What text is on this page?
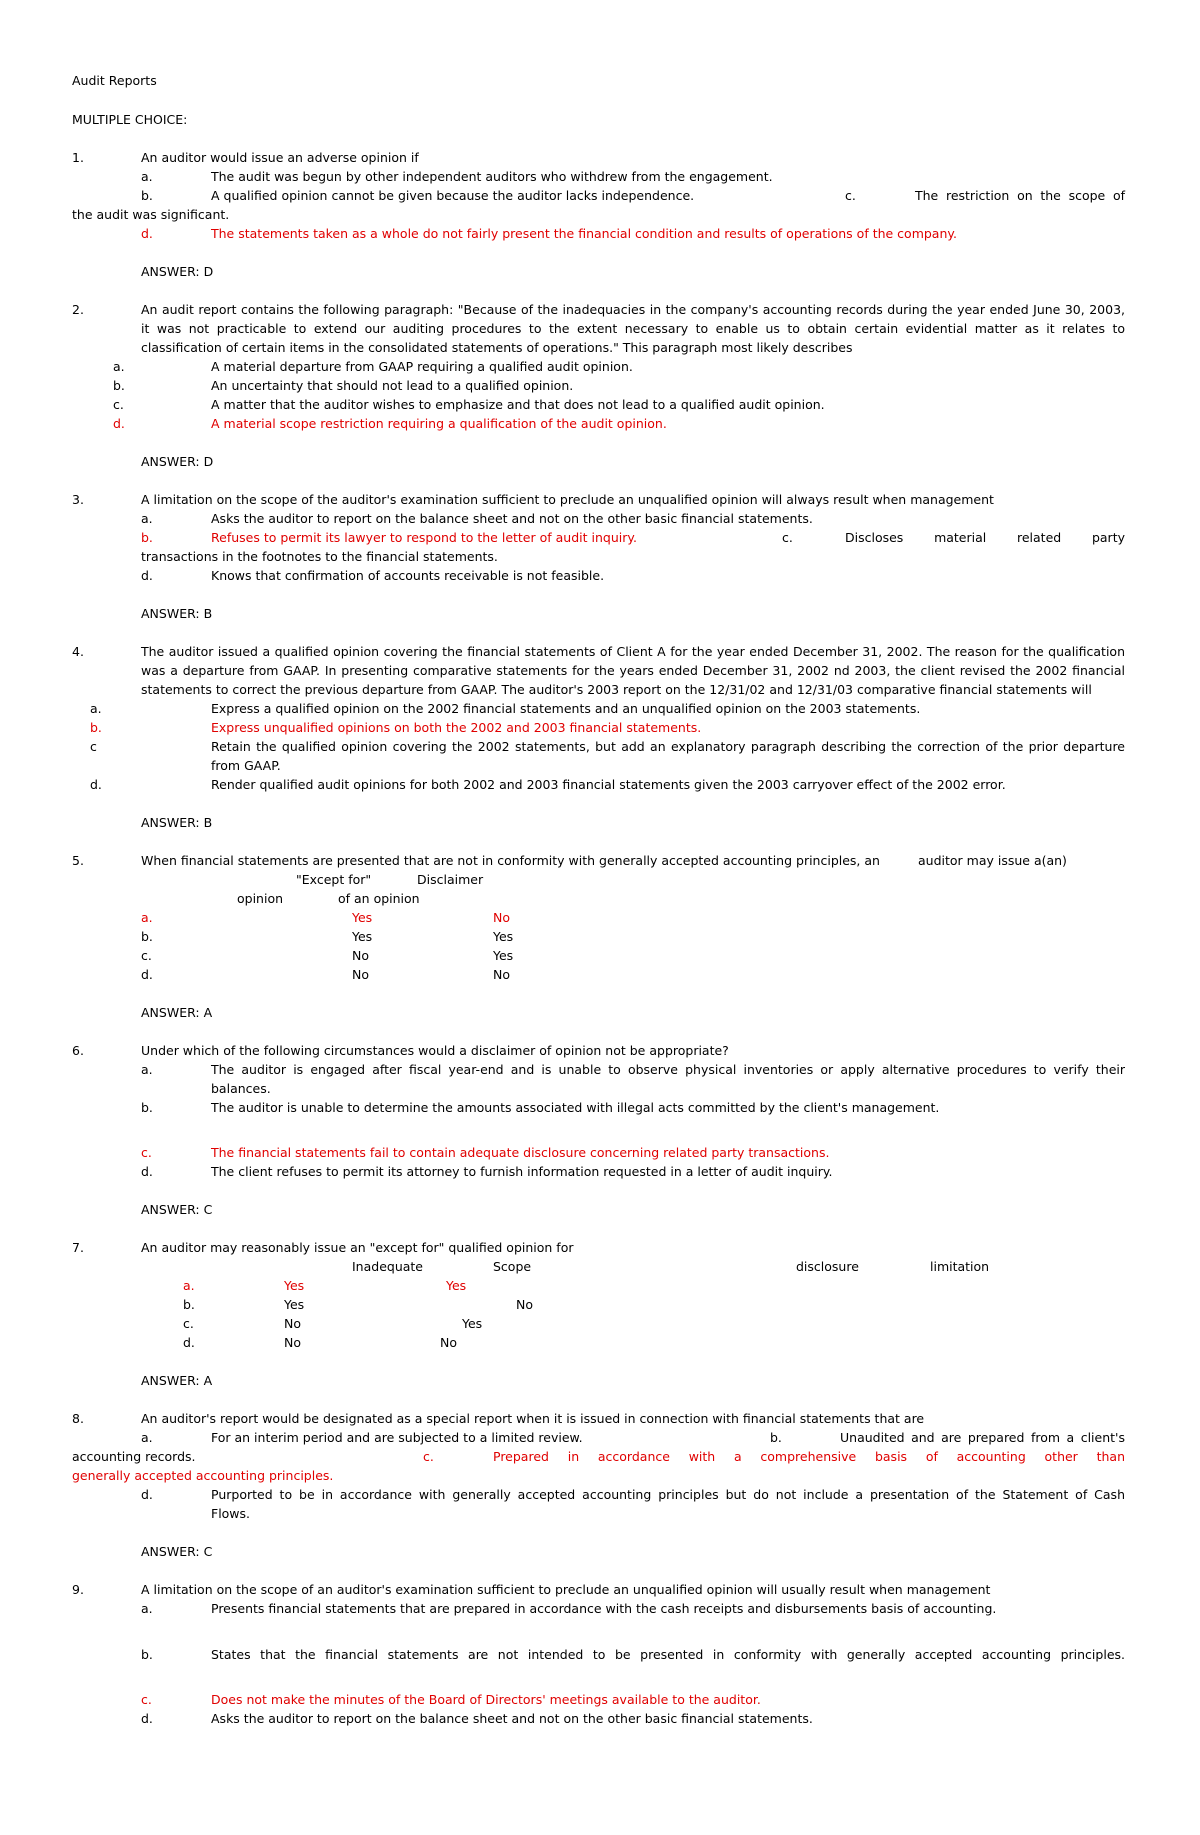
Audit Reports
MULTIPLE CHOICE:
1.	An auditor would issue an adverse opinion if
a.	The audit was begun by other independent auditors who withdrew from the engagement.
b.	A qualified opinion cannot be given because the auditor lacks independence.	c.	The restriction on the scope of
the audit was significant.
d.	The statements taken as a whole do not fairly present the financial condition and results of operations of the company.
ANSWER: D
2.	An audit report contains the following paragraph: "Because of the inadequacies in the company's accounting records during the year ended June 30, 2003,
it was not practicable to extend our auditing procedures to the extent necessary to enable us to obtain certain evidential matter as it relates to
classification of certain items in the consolidated statements of operations." This paragraph most likely describes
a.	A material departure from GAAP requiring a qualified audit opinion.
b.	An uncertainty that should not lead to a qualified opinion.
c.	A matter that the auditor wishes to emphasize and that does not lead to a qualified audit opinion.
d.	A material scope restriction requiring a qualification of the audit opinion.
ANSWER: D
3.	A limitation on the scope of the auditor's examination sufficient to preclude an unqualified opinion will always result when management
a.	Asks the auditor to report on the balance sheet and not on the other basic financial statements.
b.	Refuses to permit its lawyer to respond to the letter of audit inquiry.	c.	Discloses material related party
transactions in the footnotes to the financial statements.
d.	Knows that confirmation of accounts receivable is not feasible.
ANSWER: B
4.	The auditor issued a qualified opinion covering the financial statements of Client A for the year ended December 31, 2002. The reason for the qualification
was a departure from GAAP. In presenting comparative statements for the years ended December 31, 2002 nd 2003, the client revised the 2002 financial
statements to correct the previous departure from GAAP. The auditor's 2003 report on the 12/31/02 and 12/31/03 comparative financial statements will
a.	Express a qualified opinion on the 2002 financial statements and an unqualified opinion on the 2003 statements.
b.	Express unqualified opinions on both the 2002 and 2003 financial statements.
c	Retain the qualified opinion covering the 2002 statements, but add an explanatory paragraph describing the correction of the prior departure
from GAAP.
d.	Render qualified audit opinions for both 2002 and 2003 financial statements given the 2003 carryover effect of the 2002 error.
ANSWER: B
5.	When financial statements are presented that are not in conformity with generally accepted accounting principles, an	auditor may issue a(an)
"Except for"	Disclaimer
opinion	of an opinion
a.	Yes	No
b.	Yes	Yes
c.	No	Yes
d.	No	No
ANSWER: A
6.	Under which of the following circumstances would a disclaimer of opinion not be appropriate?
a.	The auditor is engaged after fiscal year-end and is unable to observe physical inventories or apply alternative procedures to verify their
balances.
b.	The auditor is unable to determine the amounts associated with illegal acts committed by the client's management.
c.	The financial statements fail to contain adequate disclosure concerning related party transactions.
d.	The client refuses to permit its attorney to furnish information requested in a letter of audit inquiry.
ANSWER: C
7.	An auditor may reasonably issue an "except for" qualified opinion for
Inadequate	Scope	disclosure	limitation
a.	Yes	Yes
b.	Yes	No
c.	No	Yes
d.	No	No
ANSWER: A
8.	An auditor's report would be designated as a special report when it is issued in connection with financial statements that are
a.	For an interim period and are subjected to a limited review.	b.	Unaudited and are prepared from a client's
accounting records.	c.	Prepared in accordance with a comprehensive basis of accounting other than
generally accepted accounting principles.
d.	Purported to be in accordance with generally accepted accounting principles but do not include a presentation of the Statement of Cash
Flows.
ANSWER: C
9.	A limitation on the scope of an auditor's examination sufficient to preclude an unqualified opinion will usually result when management
a.	Presents financial statements that are prepared in accordance with the cash receipts and disbursements basis of accounting.
b.	States that the financial statements are not intended to be presented in conformity with generally accepted accounting principles.
c.	Does not make the minutes of the Board of Directors' meetings available to the auditor.
d.	Asks the auditor to report on the balance sheet and not on the other basic financial statements.
